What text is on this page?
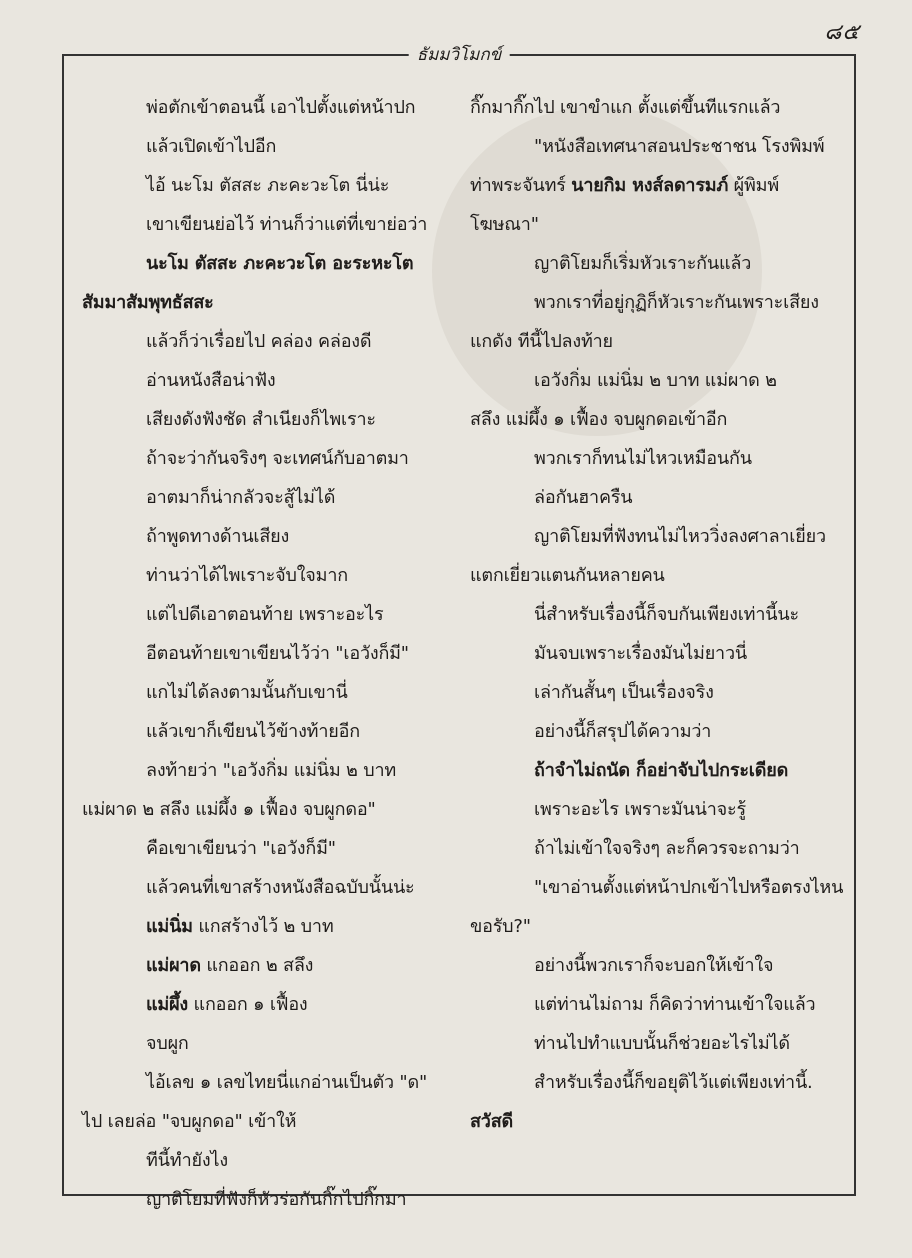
๘๕
ธัมมวิโมกข์
พ่อตักเข้าตอนนี้ เอาไปตั้งแต่หน้าปก
แล้วเปิดเข้าไปอีก
ไอ้ นะโม ตัสสะ ภะคะวะโต นี่น่ะ
เขาเขียนย่อไว้ ท่านก็ว่าแต่ที่เขาย่อว่า
นะโม ตัสสะ ภะคะวะโต อะระหะโต
สัมมาสัมพุทธัสสะ
แล้วก็ว่าเรื่อยไป คล่อง คล่องดี
อ่านหนังสือน่าฟัง
เสียงดังฟังชัด สำเนียงก็ไพเราะ
ถ้าจะว่ากันจริงๆ จะเทศน์กับอาตมา
อาตมาก็น่ากลัวจะสู้ไม่ได้
ถ้าพูดทางด้านเสียง
ท่านว่าได้ไพเราะจับใจมาก
แต่ไปดีเอาตอนท้าย เพราะอะไร
อีตอนท้ายเขาเขียนไว้ว่า "เอวังก็มี"
แกไม่ได้ลงตามนั้นกับเขานี่
แล้วเขาก็เขียนไว้ข้างท้ายอีก
ลงท้ายว่า "เอวังกิ่ม แม่นิ่ม ๒ บาท
แม่ผาด ๒ สลึง แม่ผึ้ง ๑ เฟื้อง จบผูกดอ"
คือเขาเขียนว่า "เอวังก็มี"
แล้วคนที่เขาสร้างหนังสือฉบับนั้นน่ะ
แม่นิ่ม แกสร้างไว้ ๒ บาท
แม่ผาด แกออก ๒ สลึง
แม่ผึ้ง แกออก ๑ เฟื้อง
จบผูก
ไอ้เลข ๑ เลขไทยนี่แกอ่านเป็นตัว "ด"
ไป เลยล่อ "จบผูกดอ" เข้าให้
ทีนี้ทำยังไง
ญาติโยมที่ฟังก็หัวร่อกันกิ๊กไปกิ๊กมา
กิ๊กมากิ๊กไป เขาขำแก ตั้งแต่ขึ้นทีแรกแล้ว
"หนังสือเทศนาสอนประชาชน โรงพิมพ์
ท่าพระจันทร์ นายกิม หงส์ลดารมภ์ ผู้พิมพ์
โฆษณา"
ญาติโยมก็เริ่มหัวเราะกันแล้ว
พวกเราที่อยู่กุฏิก็หัวเราะกันเพราะเสียง
แกดัง ทีนี้ไปลงท้าย
เอวังกิ่ม แม่นิ่ม ๒ บาท แม่ผาด ๒
สลึง แม่ผึ้ง ๑ เฟื้อง จบผูกดอเข้าอีก
พวกเราก็ทนไม่ไหวเหมือนกัน
ล่อกันฮาครืน
ญาติโยมที่ฟังทนไม่ไหววิ่งลงศาลาเยี่ยว
แตกเยี่ยวแตนกันหลายคน
นี่สำหรับเรื่องนี้ก็จบกันเพียงเท่านี้นะ
มันจบเพราะเรื่องมันไม่ยาวนี่
เล่ากันสั้นๆ เป็นเรื่องจริง
อย่างนี้ก็สรุปได้ความว่า
ถ้าจำไม่ถนัด ก็อย่าจับไปกระเดียด
เพราะอะไร เพราะมันน่าจะรู้
ถ้าไม่เข้าใจจริงๆ ละก็ควรจะถามว่า
"เขาอ่านตั้งแต่หน้าปกเข้าไปหรือตรงไหน
ขอรับ?"
อย่างนี้พวกเราก็จะบอกให้เข้าใจ
แต่ท่านไม่ถาม ก็คิดว่าท่านเข้าใจแล้ว
ท่านไปทำแบบนั้นก็ช่วยอะไรไม่ได้
สำหรับเรื่องนี้ก็ขอยุติไว้แต่เพียงเท่านี้.
สวัสดี
